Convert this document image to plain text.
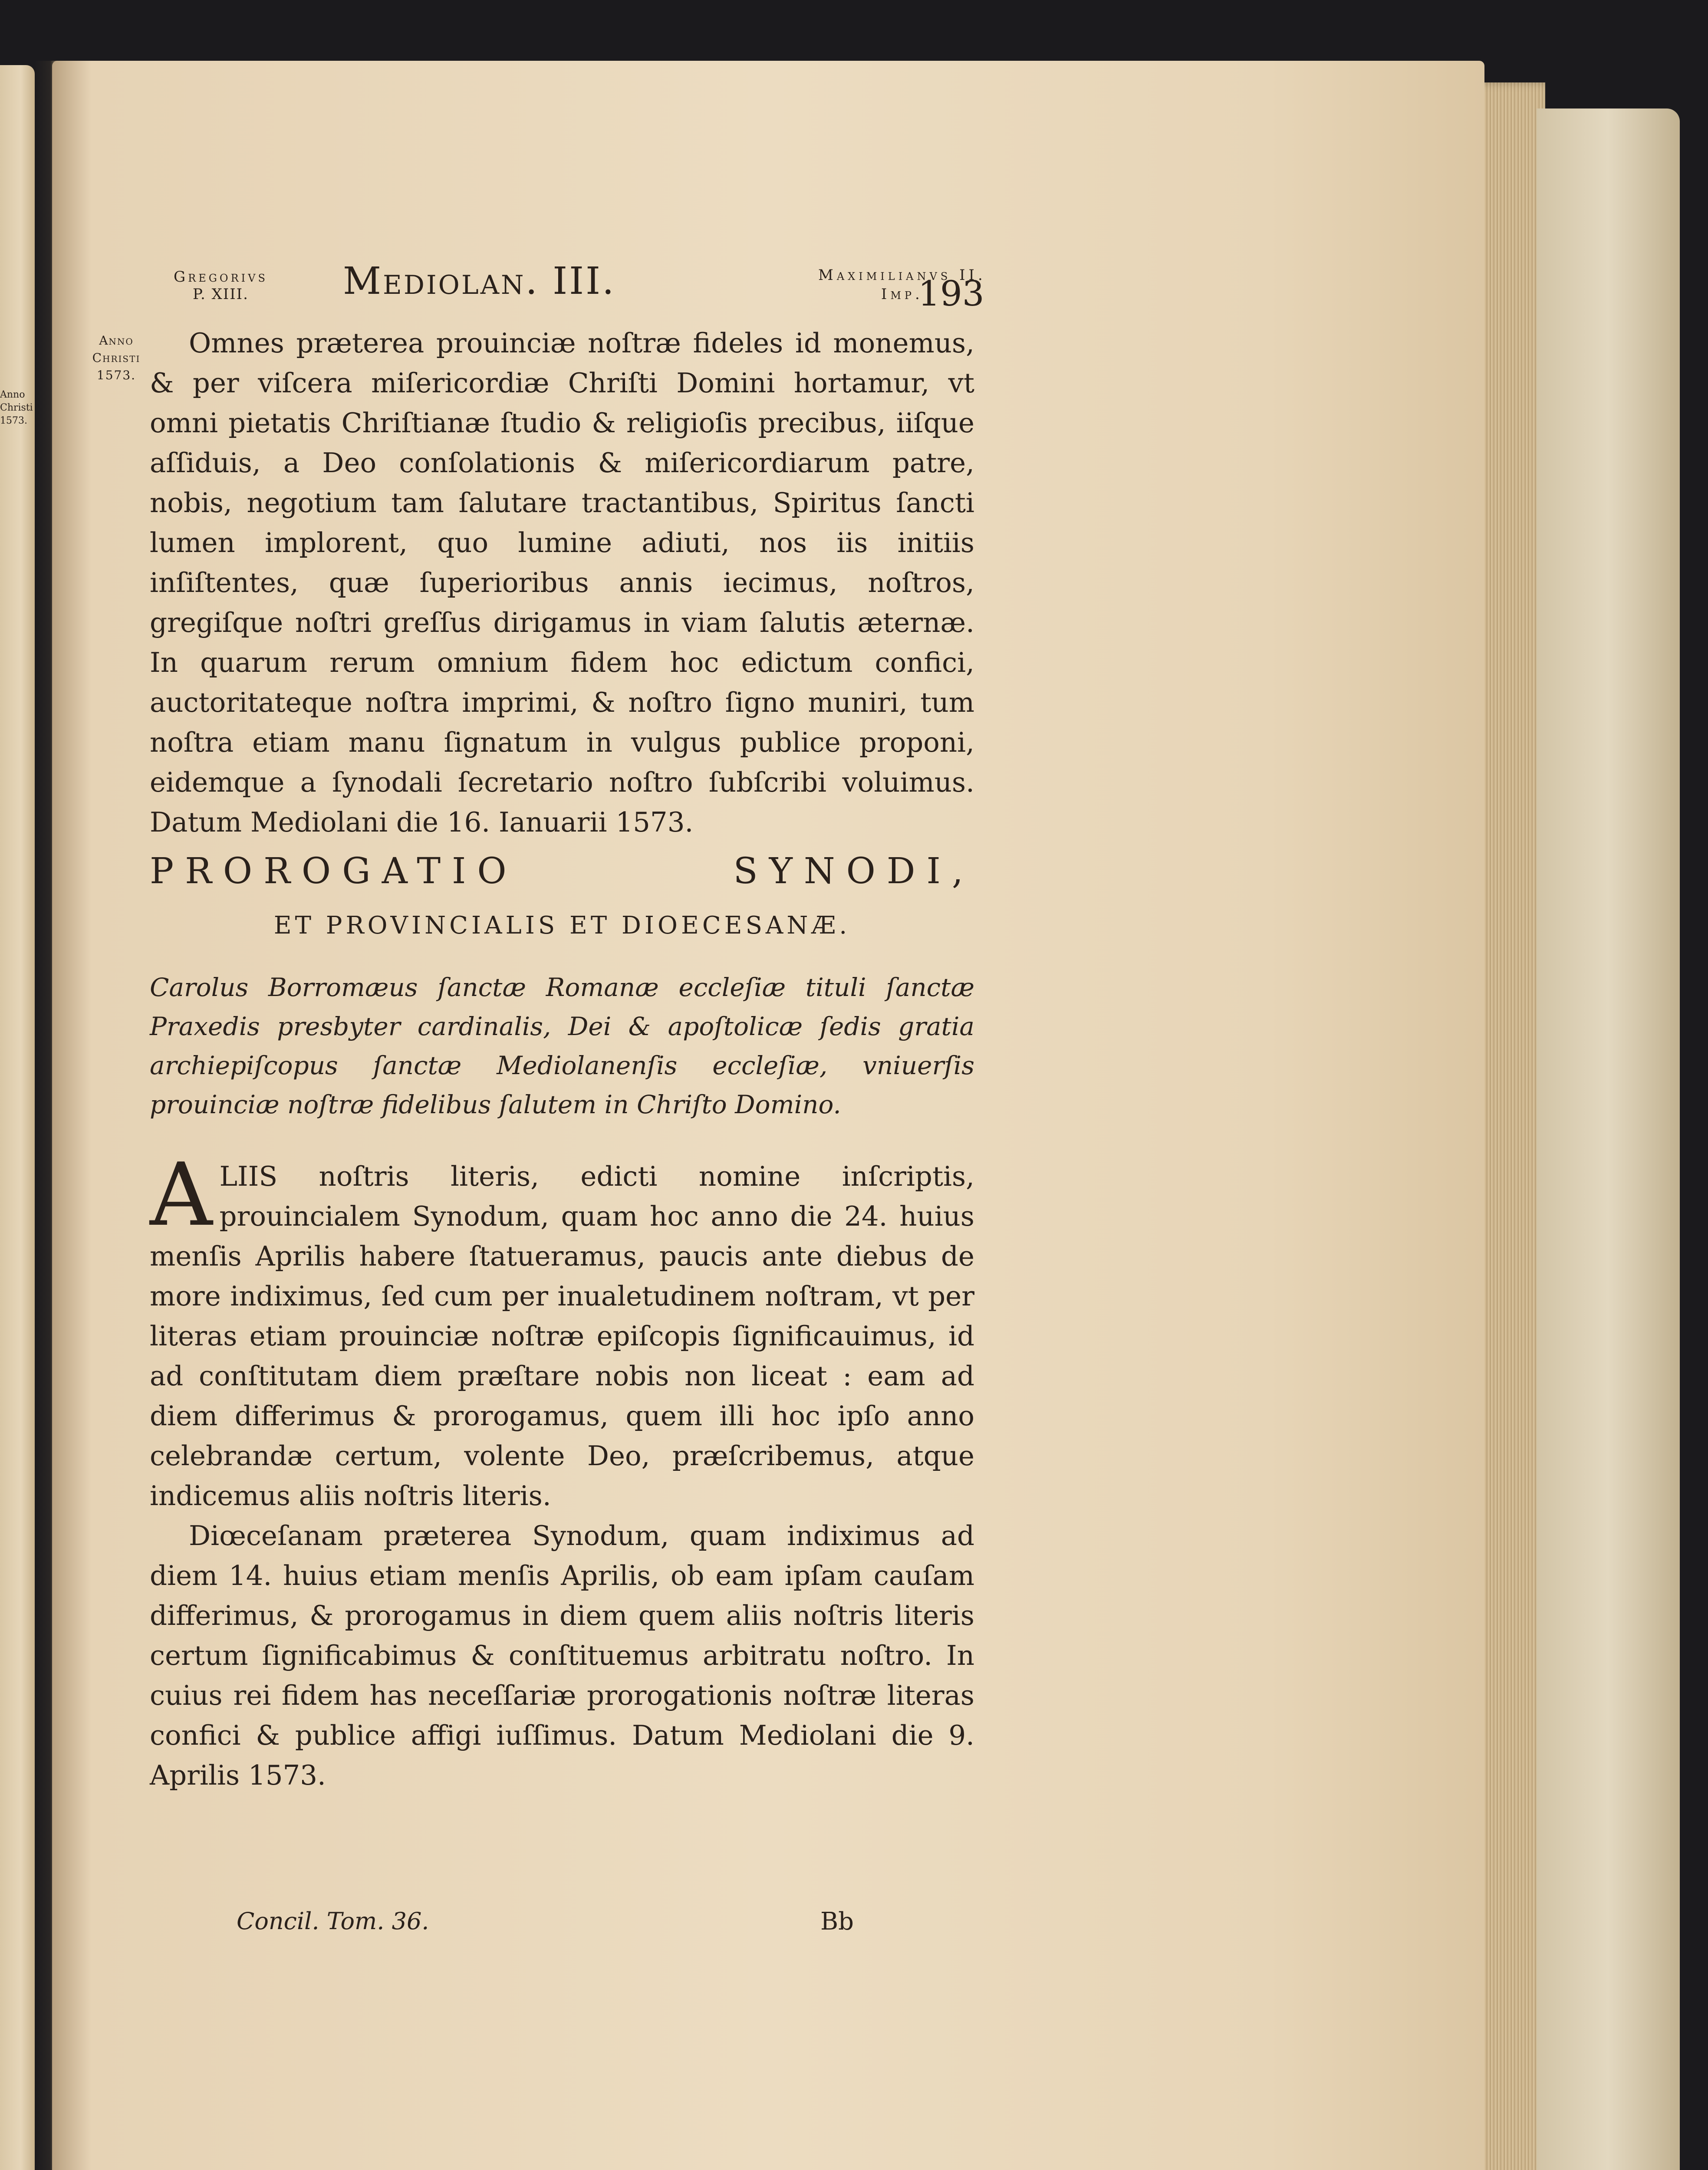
Anno
Christi
1573.
Gregorivs
P. XIII.	Mediolan. III.	Maximilianvs II.
Imp.
193
Anno
Christi
1573.

Omnes prӕterea prouinciӕ noſtrӕ fideles id monemus, & per viſcera miſericordiӕ Chriſti Domini hortamur, vt omni pietatis Chriſtianӕ ſtudio & religioſis precibus, iiſque aſſiduis, a Deo conſolationis & miſericordiarum patre, nobis, negotium tam ſalutare tractantibus, Spiritus ſancti lumen implorent, quo lumine adiuti, nos iis initiis inſiſtentes, quӕ ſuperioribus annis iecimus, noſtros, gregiſque noſtri greſſus dirigamus in viam ſalutis ӕternӕ. In quarum rerum omnium fidem hoc edictum confici, auctoritateque noſtra imprimi, & noſtro ſigno muniri, tum noſtra etiam manu ſignatum in vulgus publice proponi, eidemque a ſynodali ſecretario noſtro ſubſcribi voluimus. Datum Mediolani die 16. Ianuarii 1573.

PROROGATIO	SYNODI,
ET PROVINCIALIS ET DIOECESANÆ.
Carolus Borromӕus ſanctӕ Romanӕ eccleſiӕ tituli ſanctӕ Praxedis presbyter cardinalis, Dei & apoſtolicӕ ſedis gratia archiepiſcopus ſanctӕ Mediolanenſis eccleſiӕ, vniuerſis prouinciӕ noſtrӕ fidelibus ſalutem in Chriſto Domino.
A LIIS noſtris literis, edicti nomine inſcriptis, prouincialem Synodum, quam hoc anno die 24. huius menſis Aprilis habere ſtatueramus, paucis ante diebus de more indiximus, ſed cum per inualetudinem noſtram, vt per literas etiam prouinciӕ noſtrӕ epiſcopis ſignificauimus, id ad conſtitutam diem prӕſtare nobis non liceat : eam ad diem differimus & prorogamus, quem illi hoc ipſo anno celebrandӕ certum, volente Deo, prӕſcribemus, atque indicemus aliis noſtris literis.

Diœceſanam prӕterea Synodum, quam indiximus ad diem 14. huius etiam menſis Aprilis, ob eam ipſam cauſam differimus, & prorogamus in diem quem aliis noſtris literis certum ſignificabimus & conſtituemus arbitratu noſtro. In cuius rei fidem has neceſſariӕ prorogationis noſtrӕ literas confici & publice affigi iuſſimus. Datum Mediolani die 9. Aprilis 1573.

Concil. Tom. 36.	Bb
